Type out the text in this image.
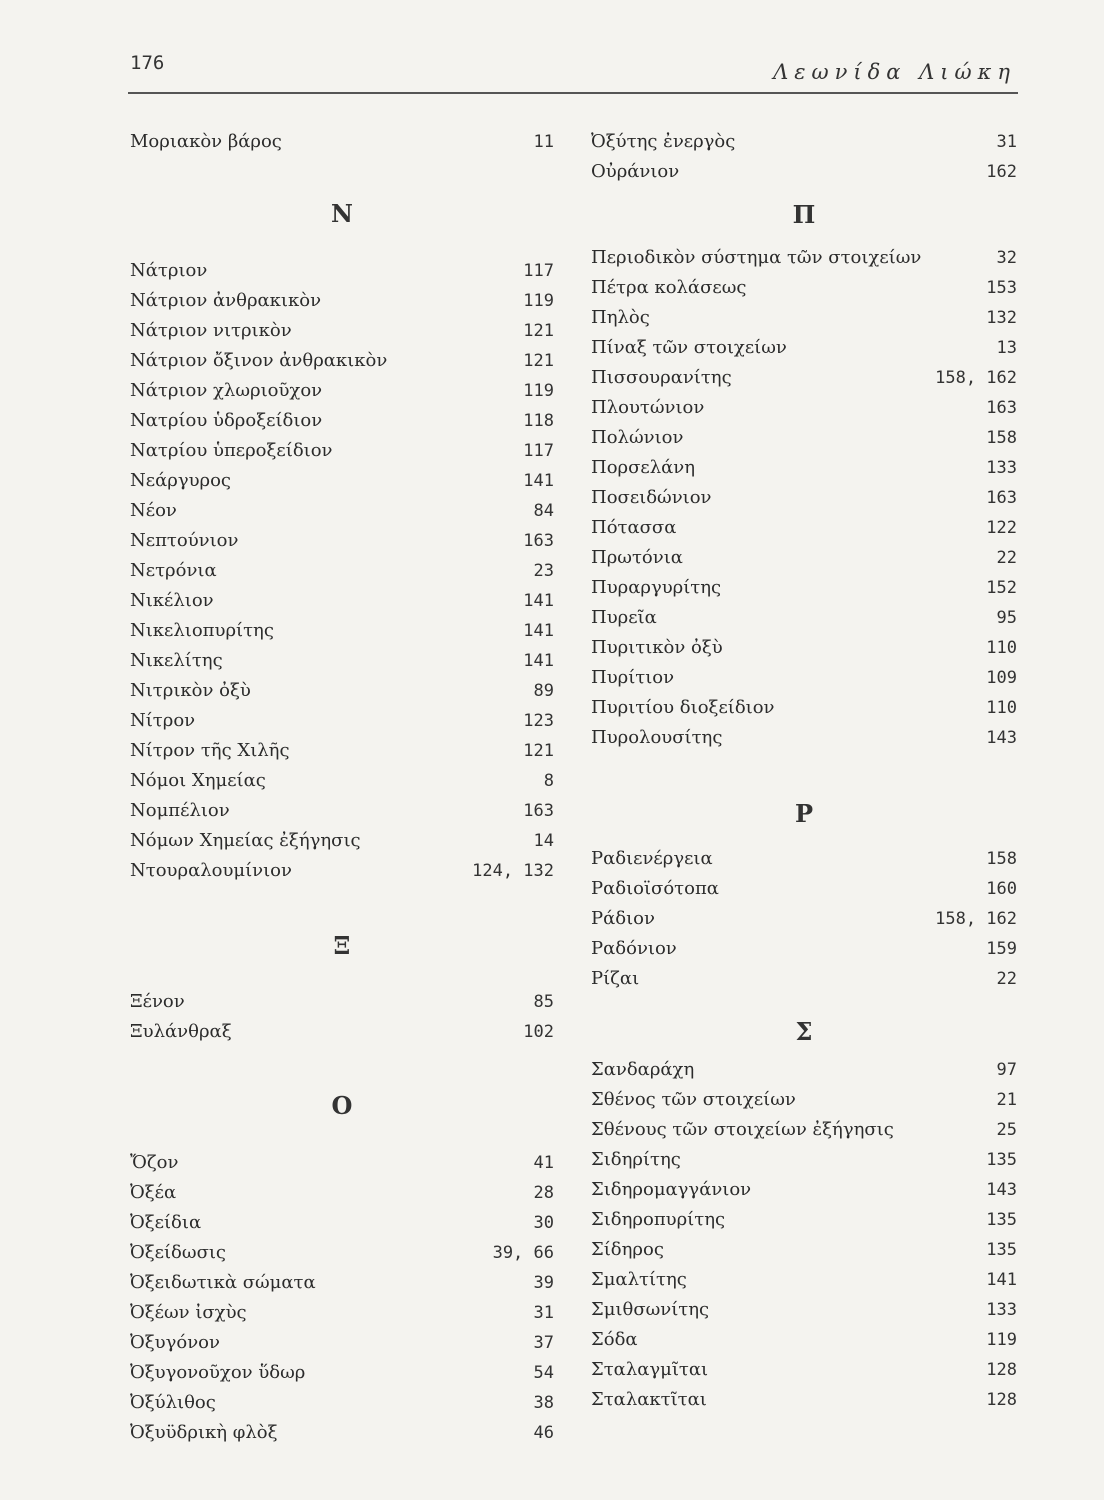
176	Λεωνίδα Λιώκη
Μοριακὸν βάρος	11
Ν
Νάτριον	117
Νάτριον ἀνθρακικὸν	119
Νάτριον νιτρικὸν	121
Νάτριον ὄξινον ἀνθρακικὸν	121
Νάτριον χλωριοῦχον	119
Νατρίου ὑδροξείδιον	118
Νατρίου ὑπεροξείδιον	117
Νεάργυρος	141
Νέον	84
Νεπτούνιον	163
Νετρόνια	23
Νικέλιον	141
Νικελιοπυρίτης	141
Νικελίτης	141
Νιτρικὸν ὀξὺ	89
Νίτρον	123
Νίτρον τῆς Χιλῆς	121
Νόμοι Χημείας	8
Νομπέλιον	163
Νόμων Χημείας ἐξήγησις	14
Ντουραλουμίνιον	124, 132
Ξ
Ξένον	85
Ξυλάνθραξ	102
Ο
Ὄζον	41
Ὀξέα	28
Ὀξείδια	30
Ὀξείδωσις	39, 66
Ὀξειδωτικὰ σώματα	39
Ὀξέων ἰσχὺς	31
Ὀξυγόνον	37
Ὀξυγονοῦχον ὕδωρ	54
Ὀξύλιθος	38
Ὀξυϋδρικὴ φλὸξ	46
Ὀξύτης ἐνεργὸς	31
Οὐράνιον	162
Π
Περιοδικὸν σύστημα τῶν στοιχείων	32
Πέτρα κολάσεως	153
Πηλὸς	132
Πίναξ τῶν στοιχείων	13
Πισσουρανίτης	158, 162
Πλουτώνιον	163
Πολώνιον	158
Πορσελάνη	133
Ποσειδώνιον	163
Πότασσα	122
Πρωτόνια	22
Πυραργυρίτης	152
Πυρεῖα	95
Πυριτικὸν ὀξὺ	110
Πυρίτιον	109
Πυριτίου διοξείδιον	110
Πυρολουσίτης	143
Ρ
Ραδιενέργεια	158
Ραδιοϊσότοπα	160
Ράδιον	158, 162
Ραδόνιον	159
Ρίζαι	22
Σ
Σανδαράχη	97
Σθένος τῶν στοιχείων	21
Σθένους τῶν στοιχείων ἐξήγησις	25
Σιδηρίτης	135
Σιδηρομαγγάνιον	143
Σιδηροπυρίτης	135
Σίδηρος	135
Σμαλτίτης	141
Σμιθσωνίτης	133
Σόδα	119
Σταλαγμῖται	128
Σταλακτῖται	128
